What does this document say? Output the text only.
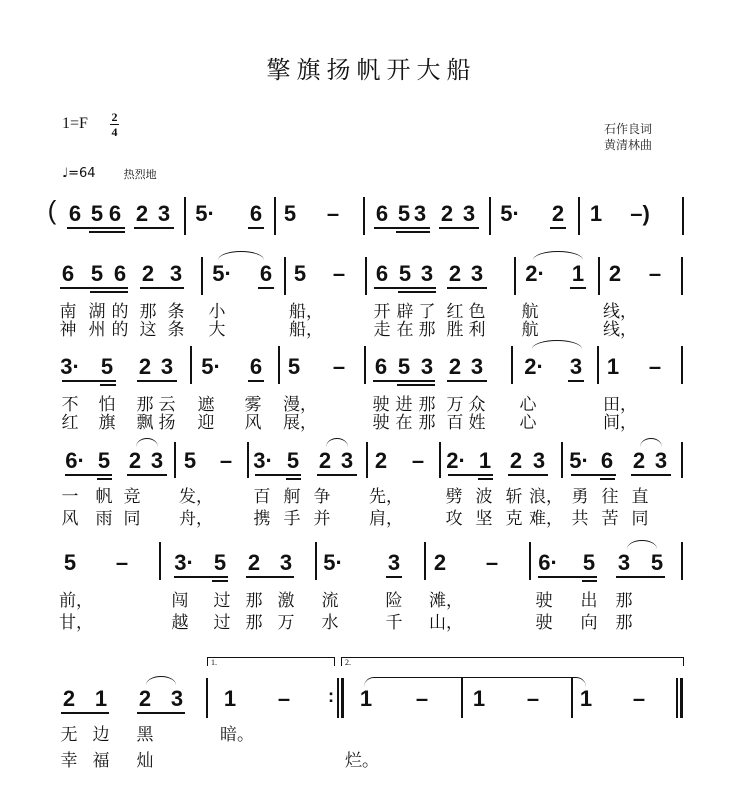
擎旗扬帆开大船
1=F 2
4	石作良词
黄清林曲
♩=64	热烈地
( 6 5 6 2 3 5· 6 5 – 6 5 3 2 3 5· 2 1 –)
6 5 6 2 3 5· 6 5 – 6 5 3 2 3 2· 1 2 –
南 湖 的 那 条 小	船，	开 辟 了 红 色 航	线，
神 州 的 这 条 大	船，	走 在 那 胜 利 航	线，
3· 5 2 3 5· 6 5 – 6 5 3 2 3 2· 3 1 –
不 怕 那 云 遮 雾 漫，	驶 进 那 万 众 心	田，
红 旗 飘 扬 迎 风 展，	驶 在 那 百 姓 心	间，
6· 5 2 3 5 – 3· 5 2 3 2 – 2· 1 2 3 5· 6 2 3
一 帆 竞 发， 百 舸 争 先，	劈 波 斩 浪， 勇 往 直
风 雨 同 舟， 携 手 并 肩，	攻 坚 克 难， 共 苦 同
5 – 3· 5 2 3 5· 3 2 – 6· 5 3 5
前，	闯 过 那 激 流	险 滩，	驶 出 那
甘，	越 过 那 万 水	千 山，	驶 向 那
1.	2.
2 1 2 3 1 – : 1 – 1 – 1 –
无 边 黑	暗。
幸 福 灿	烂。
